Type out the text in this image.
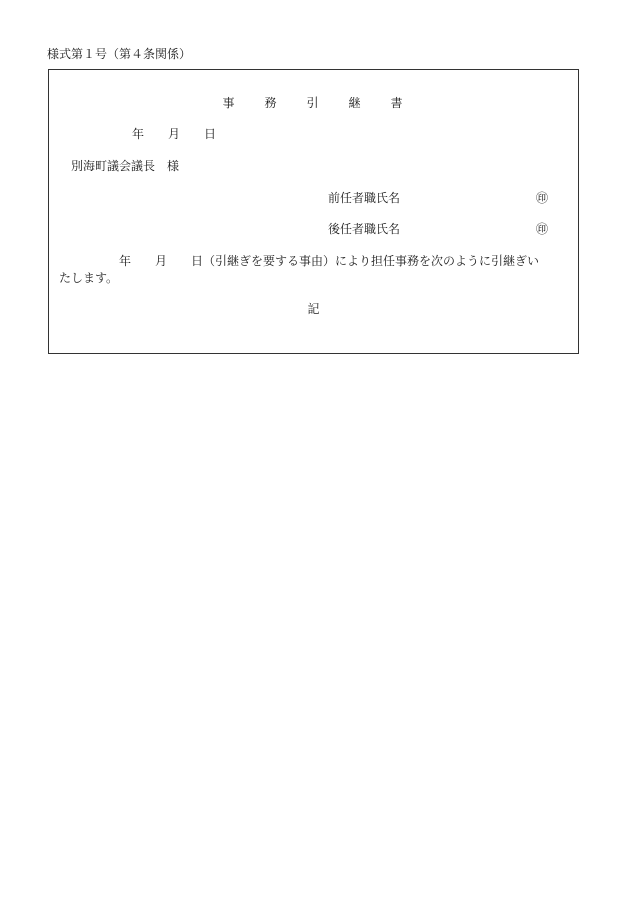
様式第１号（第４条関係）
事　　務　　引　　継　　書
年　　月　　日
別海町議会議長　様
前任者職氏名	㊞
後任者職氏名	㊞
　　　　　年　　月　　日（引継ぎを要する事由）により担任事務を次のように引継ぎいたします。
記
